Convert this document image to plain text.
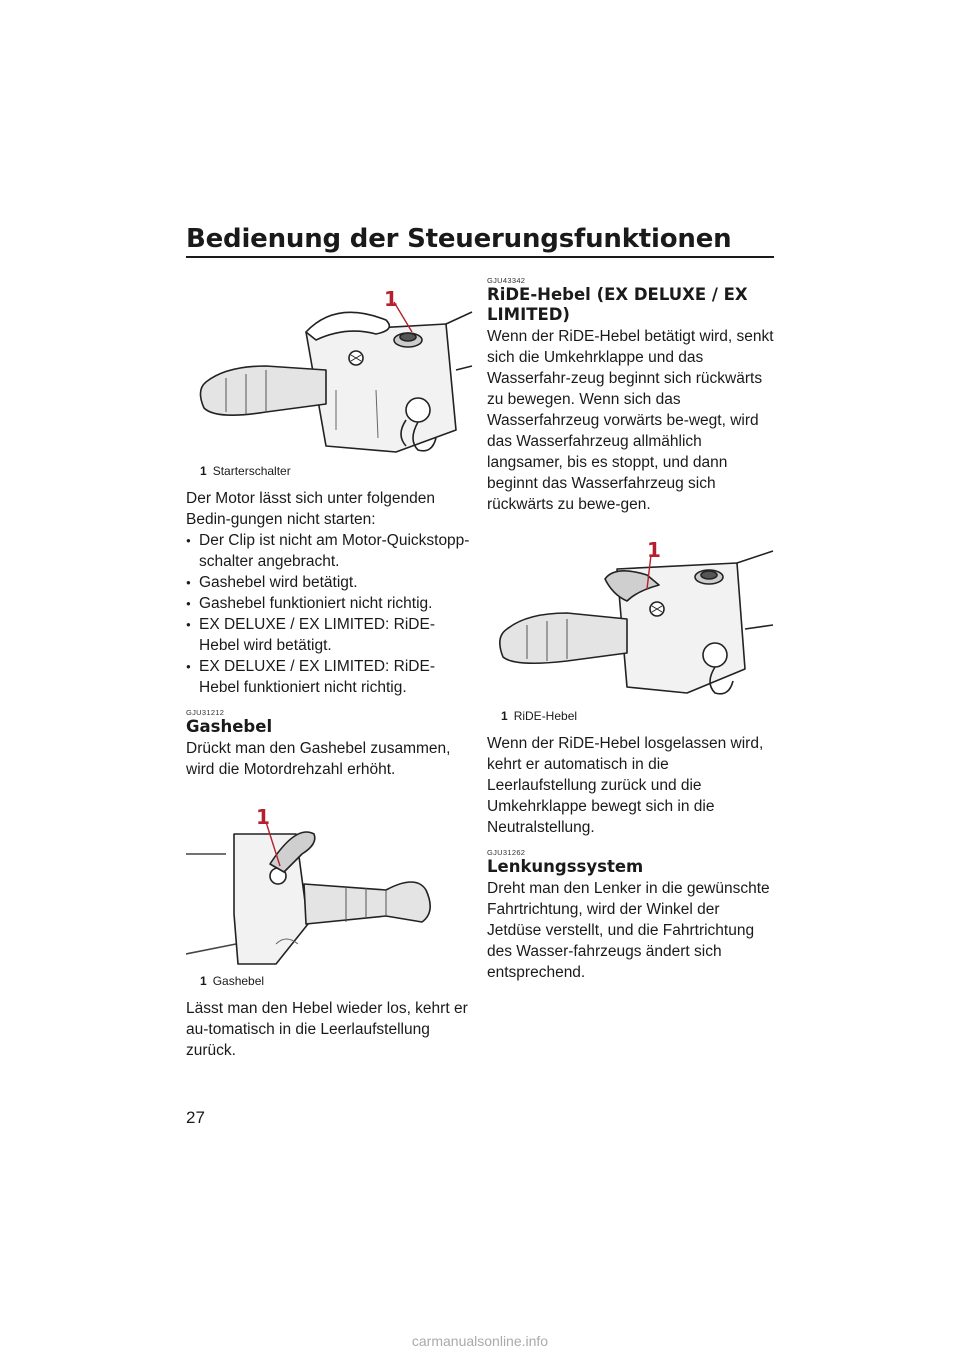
Bedienung der Steuerungsfunktionen
1

1 Starterschalter

Der Motor lässt sich unter folgenden Bedin-gungen nicht starten:

● Der Clip ist nicht am Motor-Quickstopp-schalter angebracht.
● Gashebel wird betätigt.
● Gashebel funktioniert nicht richtig.
● EX DELUXE / EX LIMITED: RiDE-Hebel wird betätigt.
● EX DELUXE / EX LIMITED: RiDE-Hebel funktioniert nicht richtig.

GJU31212

Gashebel

Drückt man den Gashebel zusammen, wird die Motordrehzahl erhöht.

1

1 Gashebel

Lässt man den Hebel wieder los, kehrt er au-tomatisch in die Leerlaufstellung zurück.

GJU43342

RiDE-Hebel (EX DELUXE / EX LIMITED)

Wenn der RiDE-Hebel betätigt wird, senkt sich die Umkehrklappe und das Wasserfahr-zeug beginnt sich rückwärts zu bewegen. Wenn sich das Wasserfahrzeug vorwärts be-wegt, wird das Wasserfahrzeug allmählich langsamer, bis es stoppt, und dann beginnt das Wasserfahrzeug sich rückwärts zu bewe-gen.

1

1 RiDE-Hebel

Wenn der RiDE-Hebel losgelassen wird, kehrt er automatisch in die Leerlaufstellung zurück und die Umkehrklappe bewegt sich in die Neutralstellung.

GJU31262

Lenkungssystem

Dreht man den Lenker in die gewünschte Fahrtrichtung, wird der Winkel der Jetdüse verstellt, und die Fahrtrichtung des Wasser-fahrzeugs ändert sich entsprechend.

27
carmanualsonline.info
